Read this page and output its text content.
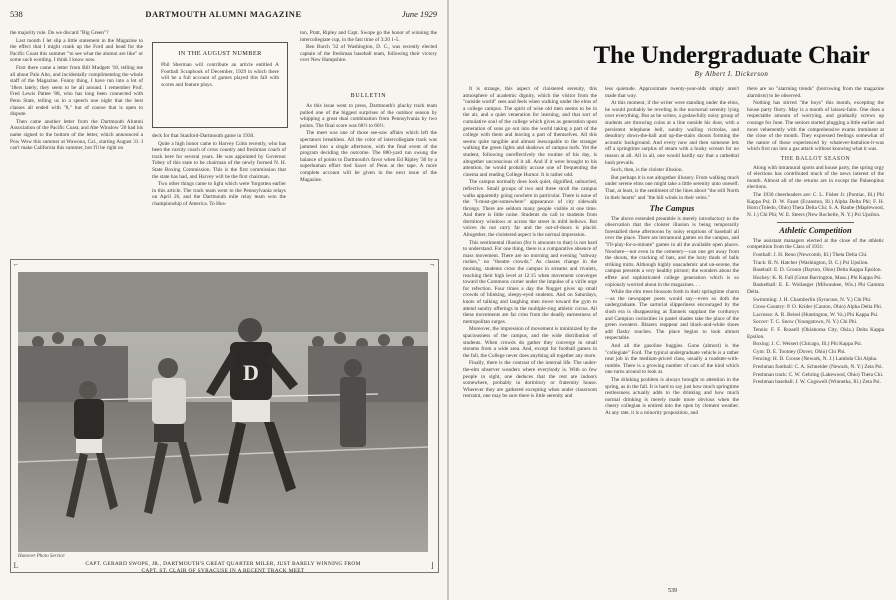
538	DARTMOUTH ALUMNI MAGAZINE	June 1929

the majority rule. Do we discard "Big Green"?

Last month I let slip a little statement in the Magazine to the effect that I might crank up the Ford and head for the Pacific Coast this summer "to see what the alumni are like" or some such wording. I think I know now.

First there came a letter from Bill Mudgett '18, telling me all about Palo Alto, and incidentally complimenting the whole staff of the Magazine. Funny thing, I have run into a lot of '18ers lately; they seem to be all around. I remember Prof. Fred Lewis Pattee '88, who has long been connected with Penn State, telling us in a speech one night that the best classes all ended with "8," but of course that is open to dispute.

Then came another letter from the Dartmouth Alumni Association of the Pacific Coast, and Abe Winslow '20 had his name signed to the bottom of the letter, which announced a Pow Wow this summer at Wawona, Cal., starting August 31. I can't make California this summer, but I'll be right on

IN THE AUGUST NUMBER
Phil Sherman will contribute an article entitled A Football Scrapbook of December, 1929 in which there will be a full account of games played this fall with scores and feature plays.

deck for that Stanford-Dartmouth game in 1930.

Quite a high honor came to Harvey Cohn recently, who has been the varsity coach of cross country and freshman coach of track here for several years. He was appointed by Governor Tobey of this state to be chairman of the newly formed N. H. State Boxing Commission. This is the first commission that the state has had, and Harvey will be the first chairman.

Two other things came to light which were 'forgotten earlier in this article. The track team went to the Pennsylvania relays on April 26, and the Dartmouth mile relay team won the championship of America. To Hus-

ton, Pratt, Ripley and Capt. Swope go the honor of winning the intercollegiate cup, in the fast time of 3:20 1-5.

Ben Burch '32 of Washington, D. C., was recently elected captain of the freshman baseball team, following their victory over New Hampshire.

BULLETIN

As this issue went to press, Dartmouth's plucky track team pulled one of the biggest surprises of the outdoor season by whipping a great dual combination from Pennsylvania by two points. The final score was 68½ to 66½.

The meet was one of those see-saw affairs which left the spectators breathless. All the color of intercollegiate track was jammed into a single afternoon, with the final event of the program deciding the outcome. The 880-yard run swung the balance of points to Dartmouth's favor when Ed Ripley '30 by a superhuman effort tied Saxer of Penn at the tape. A more complete account will be given in the next issue of the Magazine.

⌐	¬
L	⌋
D
Hanover Photo Service
CAPT. GERARD SWOPE, JR., DARTMOUTH'S GREAT QUARTER MILER, JUST BARELY WINNING FROM
CAPT. ST. CLAIR OF SYRACUSE IN A RECENT TRACK MEET
The Undergraduate Chair
By Albert I. Dickerson

It is strange, this aspect of cloistered serenity, this atmosphere of academic dignity, which the visitor from the "outside world" sees and feels when walking under the elms of a college campus. The spirit of wise old men seems to be in the air, and a quiet veneration for learning, and that sort of cumulative soul of the college which gives as generation upon generation of sons go out into the world taking a part of the college with them and leaving a part of themselves. All this seems quite tangible and almost inescapable to the stranger walking the green lights and shadows of campus turfs. Yet the student, following unreflectively the routine of his day, is altogether unconscious of it all. And if it were brought to his attention, he would probably accuse one of frequenting the cinema and reading College Humor. It is rather odd.

The campus normally does look quiet, dignified, unhurried, reflective. Small groups of two and three stroll the campus walks apparently going nowhere in particular. There is none of the "I-must-get-somewhere" appearance of city sidewalk throngs. There are seldom many people visible at one time. And there is little noise. Students do call to students from dormitory windows or across the street in mild bellows. But voices do not carry far and the out-of-doors is placid. Altogether, the cloistered aspect is the normal impression.

This sentimental illusion (for it amounts to that) is not hard to understand. For one thing, there is a comparative absence of mass movement. There are no morning and evening "subway rushes," no "theatre crowds." As classes change in the morning, students cross the campus in streams and rivulets, reaching their high level at 12:15 when movement converges toward the Commons corner under the impulse of a virile urge for refection. Four times a day the Nugget gives up small crowds of blinking, sleepy-eyed students. And on Saturdays, knots of talking and laughing men move toward the gym to attend sundry offerings in the multiple-ring athletic circus. All these movements are far cries from the deadly earnestness of metropolitan surges.

Moreover, the impression of movement is minimized by the spaciousness of the campus, and the wide distribution of students. When crowds do gather they converge in small streams from a wide area. And, except for football games in the fall, the College never does anything all together any more.

Finally, there is the contrast of the internal life. The under-the-elm observer wonders where everybody is. With so few people in sight, one deduces that the rest are indoors somewhere, probably in dormitory or fraternity house. Wherever they are gathered excepting when under classroom restraint, one may be sure there is little serenity and

less quietude. Approximate twenty-year-olds simply aren't made that way.

At this moment, if the writer were standing under the elms, he would probably be reveling in the nocturnal serenity lying over everything. But as he writes, a godawfully noisy group of students are throwing coins at a line outside his door, with a persistent telephone bell, sundry wailing victrolas, and desultory down-the-hall and up-the-stairs shouts forming the acoustic background. And every now and then someone lets off a springtime surplus of steam with a husky scream for no reason at all. All in all, one would hardly say that a cathedral hush prevails.

Such, then, is the cloister illusion.

But perhaps it is not altogether illusory. From walking much under serene elms one might take a little serenity unto oneself. That, at least, is the sentiment of the lines about "the still North in their hearts" and "the hill winds in their veins."

The Campus

The above extended preamble is merely introductory to the observation that the cloister illusion is being temporarily forestalled these afternoons by noisy eruptions of baseball all over the place. There are intramural games on the campus, and "I'll-play-for-a-minute" games in all the available open places. Nowhere—not even in the cemetery—can one get away from the shouts, the cracking of bats, and the lusty thuds of balls striking mitts. Although highly unacademic and un-serene, the campus presents a very healthy picture; the wonders about the effete and sophisticated college generation which is so copiously worried about in the magazines. . .

While the elm trees blossom forth in their springtime charm—as the newspaper poets would say—even so doth the undergraduate. The sartorial slipperiness encouraged by the slush era is disappearing as flannels supplant the corduroys and Campion curiosities in pastel shades take the place of the green sweaters. Blazers reappear and black-and-white shoes add flashy touches. The place begins to look almost respectable.

And all the gasoline buggies. Gone (almost) is the "collegiate" Ford. The typical undergraduate vehicle is a rather neat job in the medium-priced class, usually a roadster-with-rumble. There is a growing number of cars of the kind which one turns around to look at.

The drinking problem is always brought to attention in the spring, as in the fall. It is hard to say just how much springtime restlessness actually adds to the drinking and how much normal drinking is merely made more obvious when the cheery collegian is entired into the open by clement weather. At any rate, it is a minority proposition, and

there are no "alarming trends" (borrowing from the magazine alarmists) to be observed.

Nothing has stirred "the boys" this month, excepting the house party flurry. May is a month of laissez-faire. One does a respectable amount of worrying, and gradually screws up courage for June. The seniors started plugging a little earlier and more vehemently with the comprehensive exams imminent at the close of the month. They expressed feelings somewhat of the nature of those experienced by whatever-battalion-it-was which first ran into a gas attack without knowing what it was.

THE BALLOT SEASON

Along with intramural sports and house party, the spring orgy of elections has contributed much of the news interest of the month. Almost all of the returns are in except the Palaeopitus elections.

The 1930 cheerleaders are: C. L. Fisher Jr. (Pontiac, Ill.) Phi Kappa Psi; D. W. Faust (Evanston, Ill.) Alpha Delta Phi; F. H. Horn (Toledo, Ohio) Theta Delta Chi; S. A. Raube (Maplewood, N. J.) Chi Phi; W. E. Steers (New Rochelle, N. Y.) Psi Upsilon.

Athletic Competition

The assistant managers elected at the close of the athletic competition from the Class of 1931:

Football: J. H. Reno (Newcomb, Ill.) Theta Delta Chi.

Track: R. N. Hatcher (Washington, D. C.) Psi Upsilon.

Baseball: E. D. Groom (Dayton, Ohio) Delta Kappa Epsilon.

Hockey: K. R. Fall (Great Barrington, Mass.) Phi Kappa Psi.

Basketball: E. E. Wollaeger (Milwaukee, Wis.) Phi Gamma Delta.

Swimming: J. H. Chamberlin (Syracuse, N. Y.) Chi Phi.

Cross-Country: P. O. Krider (Canton, Ohio) Alpha Delta Phi.

Lacrosse: A. R. Beisel (Huntington, W. Va.) Phi Kappa Psi.

Soccer: T. C. Snow (Youngstown, N. Y.) Chi Phi.

Tennis: F. F. Russell (Oklahoma City, Okla.) Delta Kappa Epsilon.

Boxing: J. C. Weisert (Chicago, Ill.) Phi Kappa Psi.

Gym: D. E. Toomey (Dover, Ohio) Chi Phi.

Fencing: H. D. Crosse (Newark, N. J.) Lambda Chi Alpha.

Freshman football: C. A. Schneider (Newark, N. Y.) Zeta Psi.

Freshman track: C. W. Gehring (Lakewood, Ohio) Theta Chi.

Freshman baseball: J. W. Cogswell (Winnetka, Ill.) Zeta Psi.

539
